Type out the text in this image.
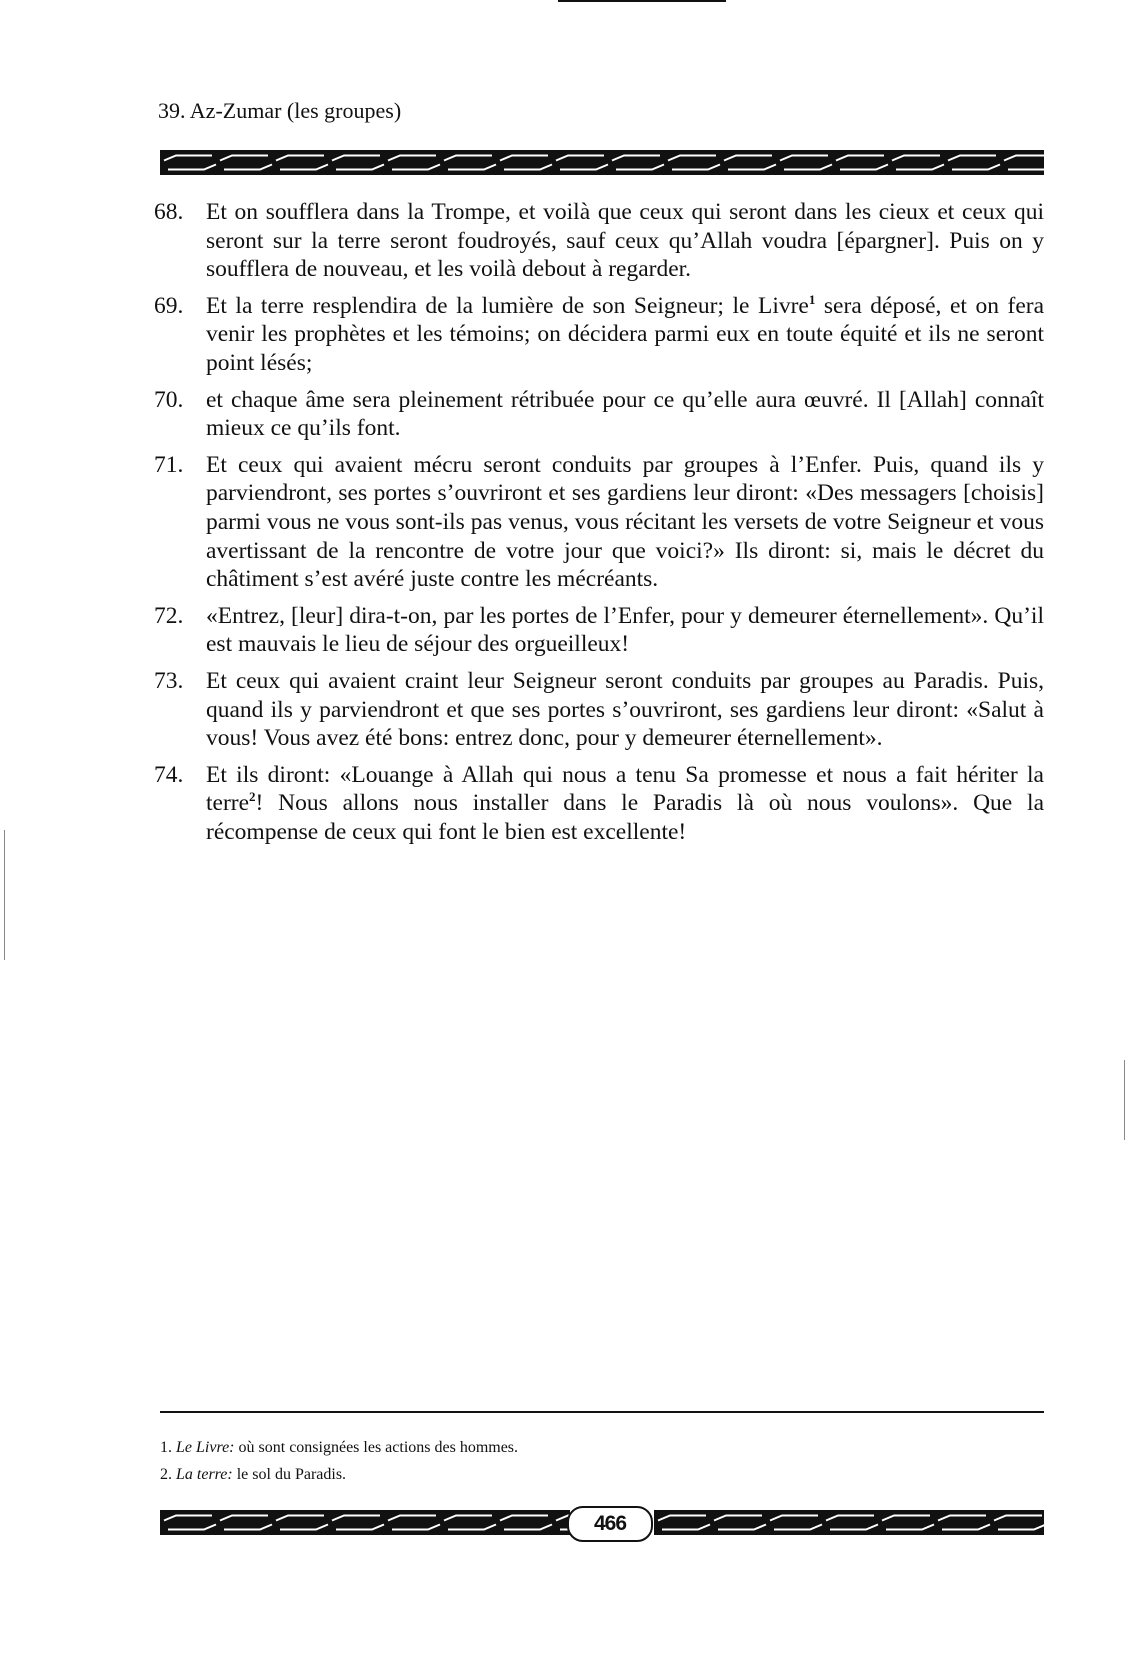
39. Az-Zumar (les groupes)
68. Et on soufflera dans la Trompe, et voilà que ceux qui seront dans les cieux et ceux qui seront sur la terre seront foudroyés, sauf ceux qu’Allah voudra [épargner]. Puis on y soufflera de nouveau, et les voilà debout à regarder.
69. Et la terre resplendira de la lumière de son Seigneur; le Livre$^1$ sera déposé, et on fera venir les prophètes et les témoins; on décidera parmi eux en toute équité et ils ne seront point lésés;
70. et chaque âme sera pleinement rétribuée pour ce qu’elle aura œuvré. Il [Allah] connaît mieux ce qu’ils font.
71. Et ceux qui avaient mécru seront conduits par groupes à l’Enfer. Puis, quand ils y parviendront, ses portes s’ouvriront et ses gardiens leur diront: «Des messagers [choisis] parmi vous ne vous sont-ils pas venus, vous récitant les versets de votre Seigneur et vous avertissant de la rencontre de votre jour que voici?» Ils diront: si, mais le décret du châtiment s’est avéré juste contre les mécréants.
72. «Entrez, [leur] dira-t-on, par les portes de l’Enfer, pour y demeurer éternellement». Qu’il est mauvais le lieu de séjour des orgueilleux!
73. Et ceux qui avaient craint leur Seigneur seront conduits par groupes au Paradis. Puis, quand ils y parviendront et que ses portes s’ouvriront, ses gardiens leur diront: «Salut à vous! Vous avez été bons: entrez donc, pour y demeurer éternellement».
74. Et ils diront: «Louange à Allah qui nous a tenu Sa promesse et nous a fait hériter la terre$^2$! Nous allons nous installer dans le Paradis là où nous voulons». Que la récompense de ceux qui font le bien est excellente!
1. Le Livre: où sont consignées les actions des hommes.
2. La terre: le sol du Paradis.
466
